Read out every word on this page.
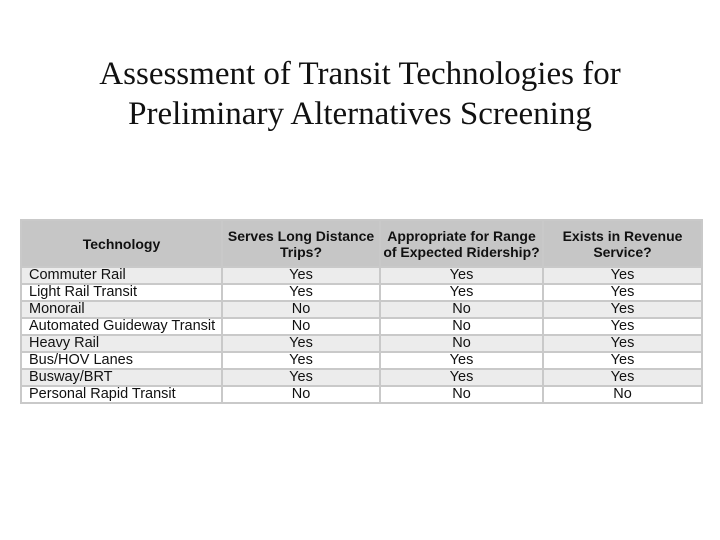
Assessment of Transit Technologies for
Preliminary Alternatives Screening
Technology	Serves Long Distance Trips?	Appropriate for Range of Expected Ridership?	Exists in Revenue Service?
Commuter Rail	Yes	Yes	Yes
Light Rail Transit	Yes	Yes	Yes
Monorail	No	No	Yes
Automated Guideway Transit	No	No	Yes
Heavy Rail	Yes	No	Yes
Bus/HOV Lanes	Yes	Yes	Yes
Busway/BRT	Yes	Yes	Yes
Personal Rapid Transit	No	No	No
